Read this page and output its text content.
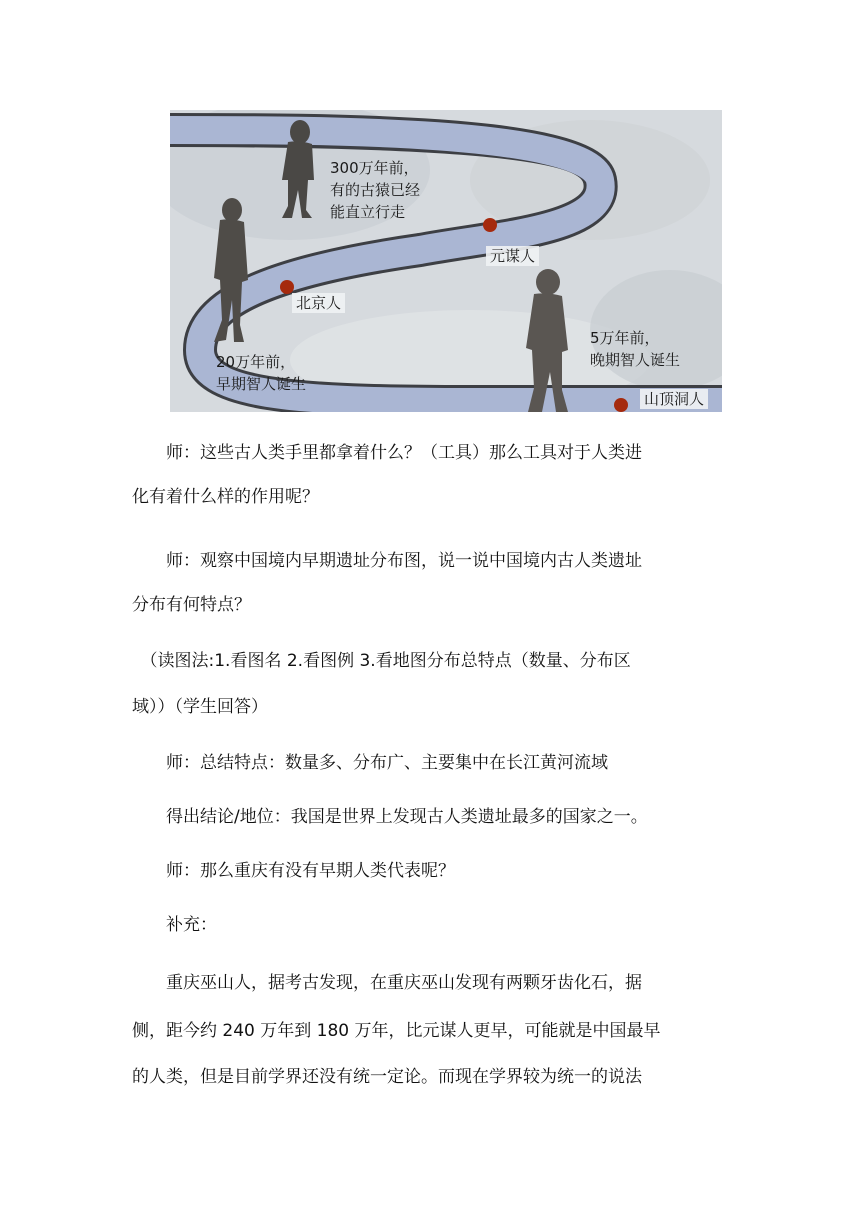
300万年前，
有的古猿已经
能直立行走
元谋人
北京人
5万年前，
晚期智人诞生
20万年前，
早期智人诞生
山顶洞人
　　师：这些古人类手里都拿着什么？（工具）那么工具对于人类进
化有着什么样的作用呢？
　　师：观察中国境内早期遗址分布图，说一说中国境内古人类遗址
分布有何特点？
　（读图法:1.看图名 2.看图例 3.看地图分布总特点（数量、分布区
域））（学生回答）
　　师：总结特点：数量多、分布广、主要集中在长江黄河流域
　　得出结论/地位：我国是世界上发现古人类遗址最多的国家之一。
　　师：那么重庆有没有早期人类代表呢？
　　补充：
　　重庆巫山人，据考古发现，在重庆巫山发现有两颗牙齿化石，据
侧，距今约 240 万年到 180 万年，比元谋人更早，可能就是中国最早
的人类，但是目前学界还没有统一定论。而现在学界较为统一的说法
